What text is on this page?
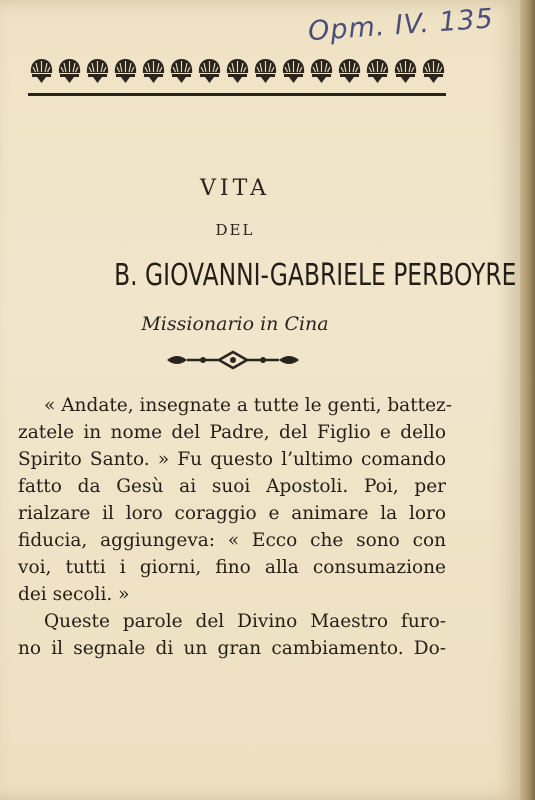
Opm. IV. 135
VITA
DEL
B. GIOVANNI-GABRIELE PERBOYRE
Missionario in Cina
« Andate, insegnate a tutte le genti, battez-
zatele in nome del Padre, del Figlio e dello
Spirito Santo. » Fu questo l’ultimo comando
fatto da Gesù ai suoi Apostoli. Poi, per
rialzare il loro coraggio e animare la loro
fiducia, aggiungeva: « Ecco che sono con
voi, tutti i giorni, fino alla consumazione
dei secoli. »
Queste parole del Divino Maestro furo-
no il segnale di un gran cambiamento. Do-
